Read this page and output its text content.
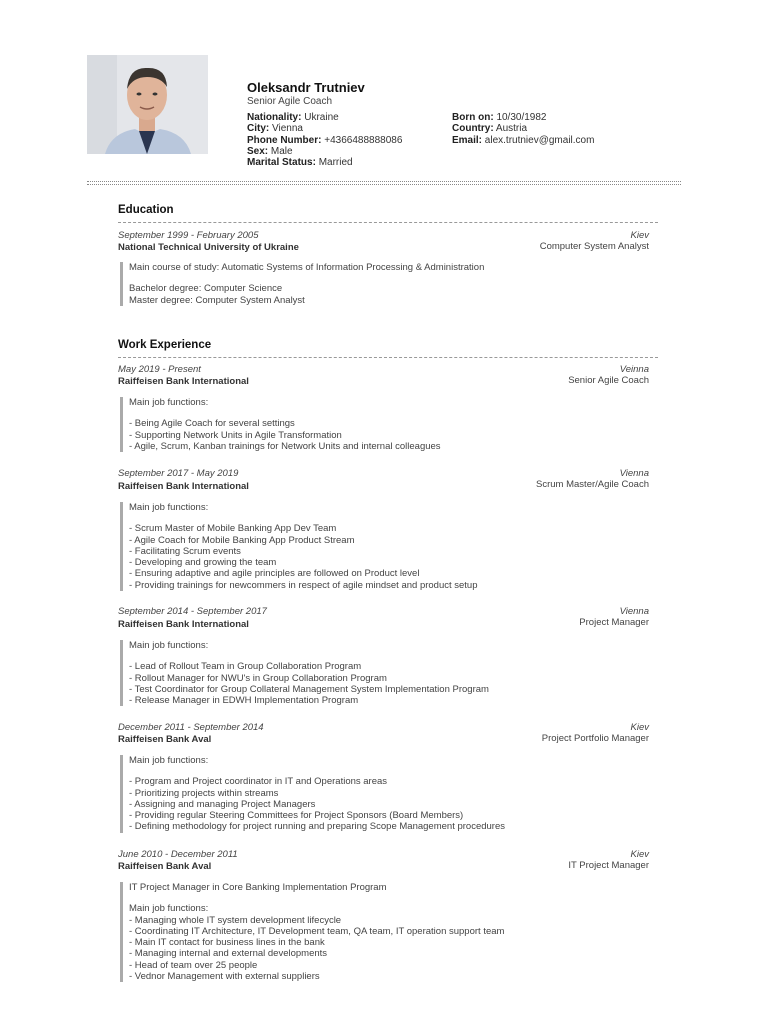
Oleksandr Trutniev
Senior Agile Coach
Nationality: Ukraine
City: Vienna
Phone Number: +4366488888086
Sex: Male
Marital Status: Married
Born on: 10/30/1982
Country: Austria
Email: alex.trutniev@gmail.com
Education
September 1999 - February 2005
National Technical University of Ukraine
Kiev
Computer System Analyst
Main course of study: Automatic Systems of Information Processing & Administration
Bachelor degree: Computer Science
Master degree: Computer System Analyst
Work Experience
May 2019 - Present
Raiffeisen Bank International
Veinna
Senior Agile Coach
Main job functions:
- Being Agile Coach for several settings
- Supporting Network Units in Agile Transformation
- Agile, Scrum, Kanban trainings for Network Units and internal colleagues
September 2017 - May 2019
Raiffeisen Bank International
Vienna
Scrum Master/Agile Coach
Main job functions:
- Scrum Master of Mobile Banking App Dev Team
- Agile Coach for Mobile Banking App Product Stream
- Facilitating Scrum events
- Developing and growing the team
- Ensuring adaptive and agile principles are followed on Product level
- Providing trainings for newcommers in respect of agile mindset and product setup
September 2014 - September 2017
Raiffeisen Bank International
Vienna
Project Manager
Main job functions:
- Lead of Rollout Team in Group Collaboration Program
- Rollout Manager for NWU's in Group Collaboration Program
- Test Coordinator for Group Collateral Management System Implementation Program
- Release Manager in EDWH Implementation Program
December 2011 - September 2014
Raiffeisen Bank Aval
Kiev
Project Portfolio Manager
Main job functions:
- Program and Project coordinator in IT and Operations areas
- Prioritizing projects within streams
- Assigning and managing Project Managers
- Providing regular Steering Committees for Project Sponsors (Board Members)
- Defining methodology for project running and preparing Scope Management procedures
June 2010 - December 2011
Raiffeisen Bank Aval
Kiev
IT Project Manager
IT Project Manager in Core Banking Implementation Program
Main job functions:
- Managing whole IT system development lifecycle
- Coordinating IT Architecture, IT Development team, QA team, IT operation support team
- Main IT contact for business lines in the bank
- Managing internal and external developments
- Head of team over 25 people
- Vednor Management with external suppliers
